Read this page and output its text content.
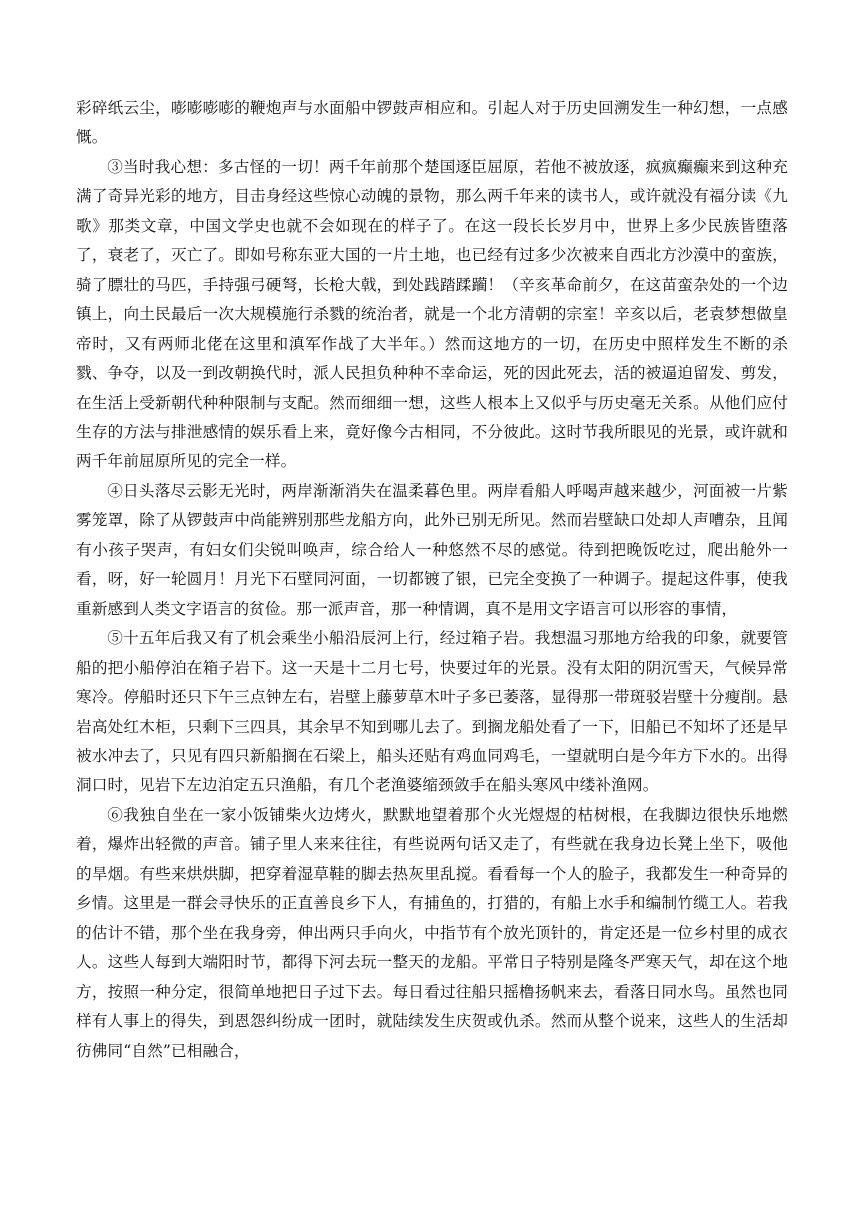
彩碎纸云尘，嘭嘭嘭嘭的鞭炮声与水面船中锣鼓声相应和。引起人对于历史回溯发生一种幻想，一点感慨。

③当时我心想：多古怪的一切！两千年前那个楚国逐臣屈原，若他不被放逐，疯疯癫癫来到这种充满了奇异光彩的地方，目击身经这些惊心动魄的景物，那么两千年来的读书人，或许就没有福分读《九歌》那类文章，中国文学史也就不会如现在的样子了。在这一段长长岁月中，世界上多少民族皆堕落了，衰老了，灭亡了。即如号称东亚大国的一片土地，也已经有过多少次被来自西北方沙漠中的蛮族，骑了膘壮的马匹，手持强弓硬弩，长枪大戟，到处践踏蹂躏！（辛亥革命前夕，在这苗蛮杂处的一个边镇上，向土民最后一次大规模施行杀戮的统治者，就是一个北方清朝的宗室！辛亥以后，老袁梦想做皇帝时，又有两师北佬在这里和滇军作战了大半年。）然而这地方的一切，在历史中照样发生不断的杀戮、争夺，以及一到改朝换代时，派人民担负种种不幸命运，死的因此死去，活的被逼迫留发、剪发，在生活上受新朝代种种限制与支配。然而细细一想，这些人根本上又似乎与历史毫无关系。从他们应付生存的方法与排泄感情的娱乐看上来，竟好像今古相同，不分彼此。这时节我所眼见的光景，或许就和两千年前屈原所见的完全一样。

④日头落尽云影无光时，两岸渐渐消失在温柔暮色里。两岸看船人呼喝声越来越少，河面被一片紫雾笼罩，除了从锣鼓声中尚能辨别那些龙船方向，此外已别无所见。然而岩壁缺口处却人声嘈杂，且闻有小孩子哭声，有妇女们尖锐叫唤声，综合给人一种悠然不尽的感觉。待到把晚饭吃过，爬出舱外一看，呀，好一轮圆月！月光下石壁同河面，一切都镀了银，已完全变换了一种调子。提起这件事，使我重新感到人类文字语言的贫俭。那一派声音，那一种情调，真不是用文字语言可以形容的事情，

⑤十五年后我又有了机会乘坐小船沿辰河上行，经过箱子岩。我想温习那地方给我的印象，就要管船的把小船停泊在箱子岩下。这一天是十二月七号，快要过年的光景。没有太阳的阴沉雪天，气候异常寒冷。停船时还只下午三点钟左右，岩壁上藤萝草木叶子多已萎落，显得那一带斑驳岩壁十分瘦削。悬岩高处红木柜，只剩下三四具，其余早不知到哪儿去了。到搁龙船处看了一下，旧船已不知坏了还是早被水冲去了，只见有四只新船搁在石梁上，船头还贴有鸡血同鸡毛，一望就明白是今年方下水的。出得洞口时，见岩下左边泊定五只渔船，有几个老渔婆缩颈敛手在船头寒风中缕补渔网。

⑥我独自坐在一家小饭铺柴火边烤火，默默地望着那个火光煜煜的枯树根，在我脚边很快乐地燃着，爆炸出轻微的声音。铺子里人来来往往，有些说两句话又走了，有些就在我身边长凳上坐下，吸他的旱烟。有些来烘烘脚，把穿着湿草鞋的脚去热灰里乱搅。看看每一个人的脸子，我都发生一种奇异的乡情。这里是一群会寻快乐的正直善良乡下人，有捕鱼的，打猎的，有船上水手和编制竹缆工人。若我的估计不错，那个坐在我身旁，伸出两只手向火，中指节有个放光顶针的，肯定还是一位乡村里的成衣人。这些人每到大端阳时节，都得下河去玩一整天的龙船。平常日子特别是隆冬严寒天气，却在这个地方，按照一种分定，很简单地把日子过下去。每日看过往船只摇橹扬帆来去，看落日同水鸟。虽然也同样有人事上的得失，到恩怨纠纷成一团时，就陆续发生庆贺或仇杀。然而从整个说来，这些人的生活却彷佛同“自然”已相融合，
